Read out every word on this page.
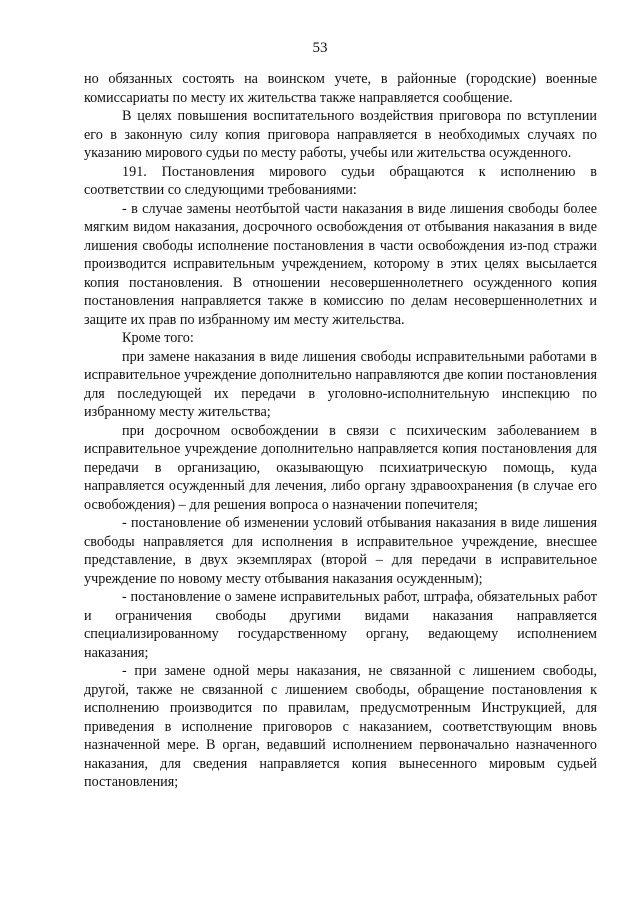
53

но обязанных состоять на воинском учете, в районные (городские) военные комиссариаты по месту их жительства также направляется сообщение.

В целях повышения воспитательного воздействия приговора по вступлении его в законную силу копия приговора направляется в необходимых случаях по указанию мирового судьи по месту работы, учебы или жительства осужденного.

191. Постановления мирового судьи обращаются к исполнению в соответствии со следующими требованиями:

- в случае замены неотбытой части наказания в виде лишения свободы более мягким видом наказания, досрочного освобождения от отбывания наказания в виде лишения свободы исполнение постановления в части освобождения из-под стражи производится исправительным учреждением, которому в этих целях высылается копия постановления. В отношении несовершеннолетнего осужденного копия постановления направляется также в комиссию по делам несовершеннолетних и защите их прав по избранному им месту жительства.

Кроме того:

при замене наказания в виде лишения свободы исправительными работами в исправительное учреждение дополнительно направляются две копии постановления для последующей их передачи в уголовно-исполнительную инспекцию по избранному месту жительства;

при досрочном освобождении в связи с психическим заболеванием в исправительное учреждение дополнительно направляется копия постановления для передачи в организацию, оказывающую психиатрическую помощь, куда направляется осужденный для лечения, либо органу здравоохранения (в случае его освобождения) – для решения вопроса о назначении попечителя;

- постановление об изменении условий отбывания наказания в виде лишения свободы направляется для исполнения в исправительное учреждение, внесшее представление, в двух экземплярах (второй – для передачи в исправительное учреждение по новому месту отбывания наказания осужденным);

- постановление о замене исправительных работ, штрафа, обязательных работ и ограничения свободы другими видами наказания направляется специализированному государственному органу, ведающему исполнением наказания;

- при замене одной меры наказания, не связанной с лишением свободы, другой, также не связанной с лишением свободы, обращение постановления к исполнению производится по правилам, предусмотренным Инструкцией, для приведения в исполнение приговоров с наказанием, соответствующим вновь назначенной мере. В орган, ведавший исполнением первоначально назначенного наказания, для сведения направляется копия вынесенного мировым судьей постановления;
